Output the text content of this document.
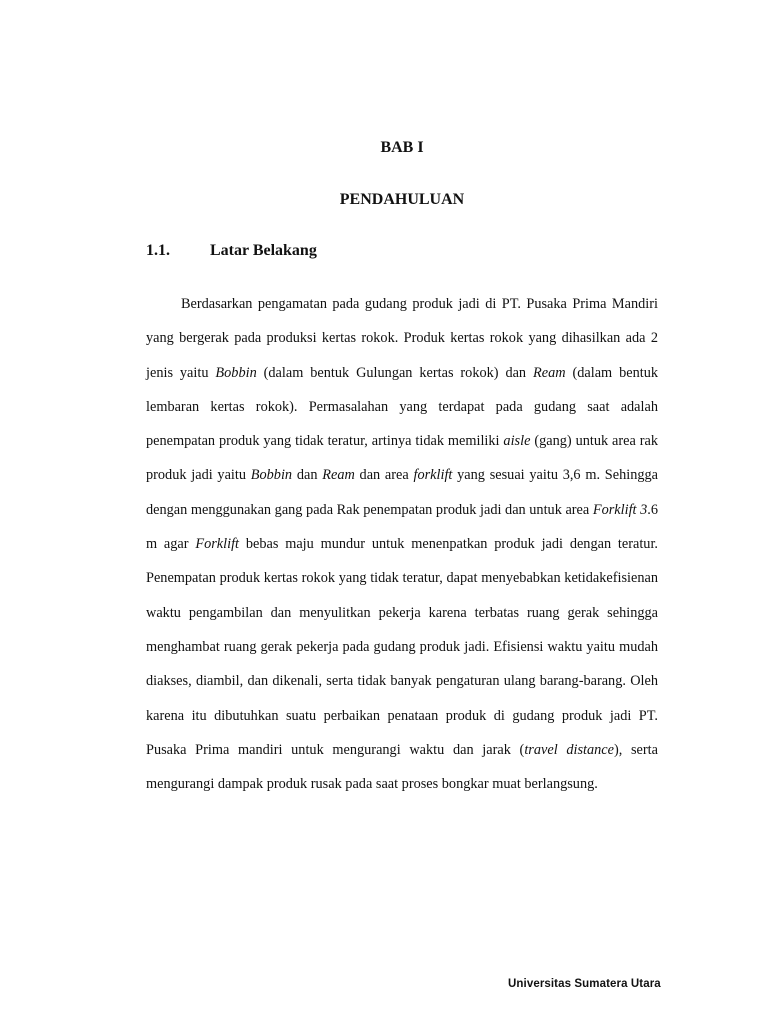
BAB I
PENDAHULUAN
1.1.	Latar Belakang

Berdasarkan pengamatan pada gudang produk jadi di PT. Pusaka Prima Mandiri yang bergerak pada produksi kertas rokok. Produk kertas rokok yang dihasilkan ada 2 jenis yaitu Bobbin (dalam bentuk Gulungan kertas rokok) dan Ream (dalam bentuk lembaran kertas rokok). Permasalahan yang terdapat pada gudang saat adalah penempatan produk yang tidak teratur, artinya tidak memiliki aisle (gang) untuk area rak produk jadi yaitu Bobbin dan Ream dan area forklift yang sesuai yaitu 3,6 m. Sehingga dengan menggunakan gang pada Rak penempatan produk jadi dan untuk area Forklift 3.6 m agar Forklift bebas maju mundur untuk menenpatkan produk jadi dengan teratur. Penempatan produk kertas rokok yang tidak teratur, dapat menyebabkan ketidakefisienan waktu pengambilan dan menyulitkan pekerja karena terbatas ruang gerak sehingga menghambat ruang gerak pekerja pada gudang produk jadi. Efisiensi waktu yaitu mudah diakses, diambil, dan dikenali, serta tidak banyak pengaturan ulang barang-barang. Oleh karena itu dibutuhkan suatu perbaikan penataan produk di gudang produk jadi PT. Pusaka Prima mandiri untuk mengurangi waktu dan jarak (travel distance), serta mengurangi dampak produk rusak pada saat proses bongkar muat berlangsung.

Universitas Sumatera Utara
